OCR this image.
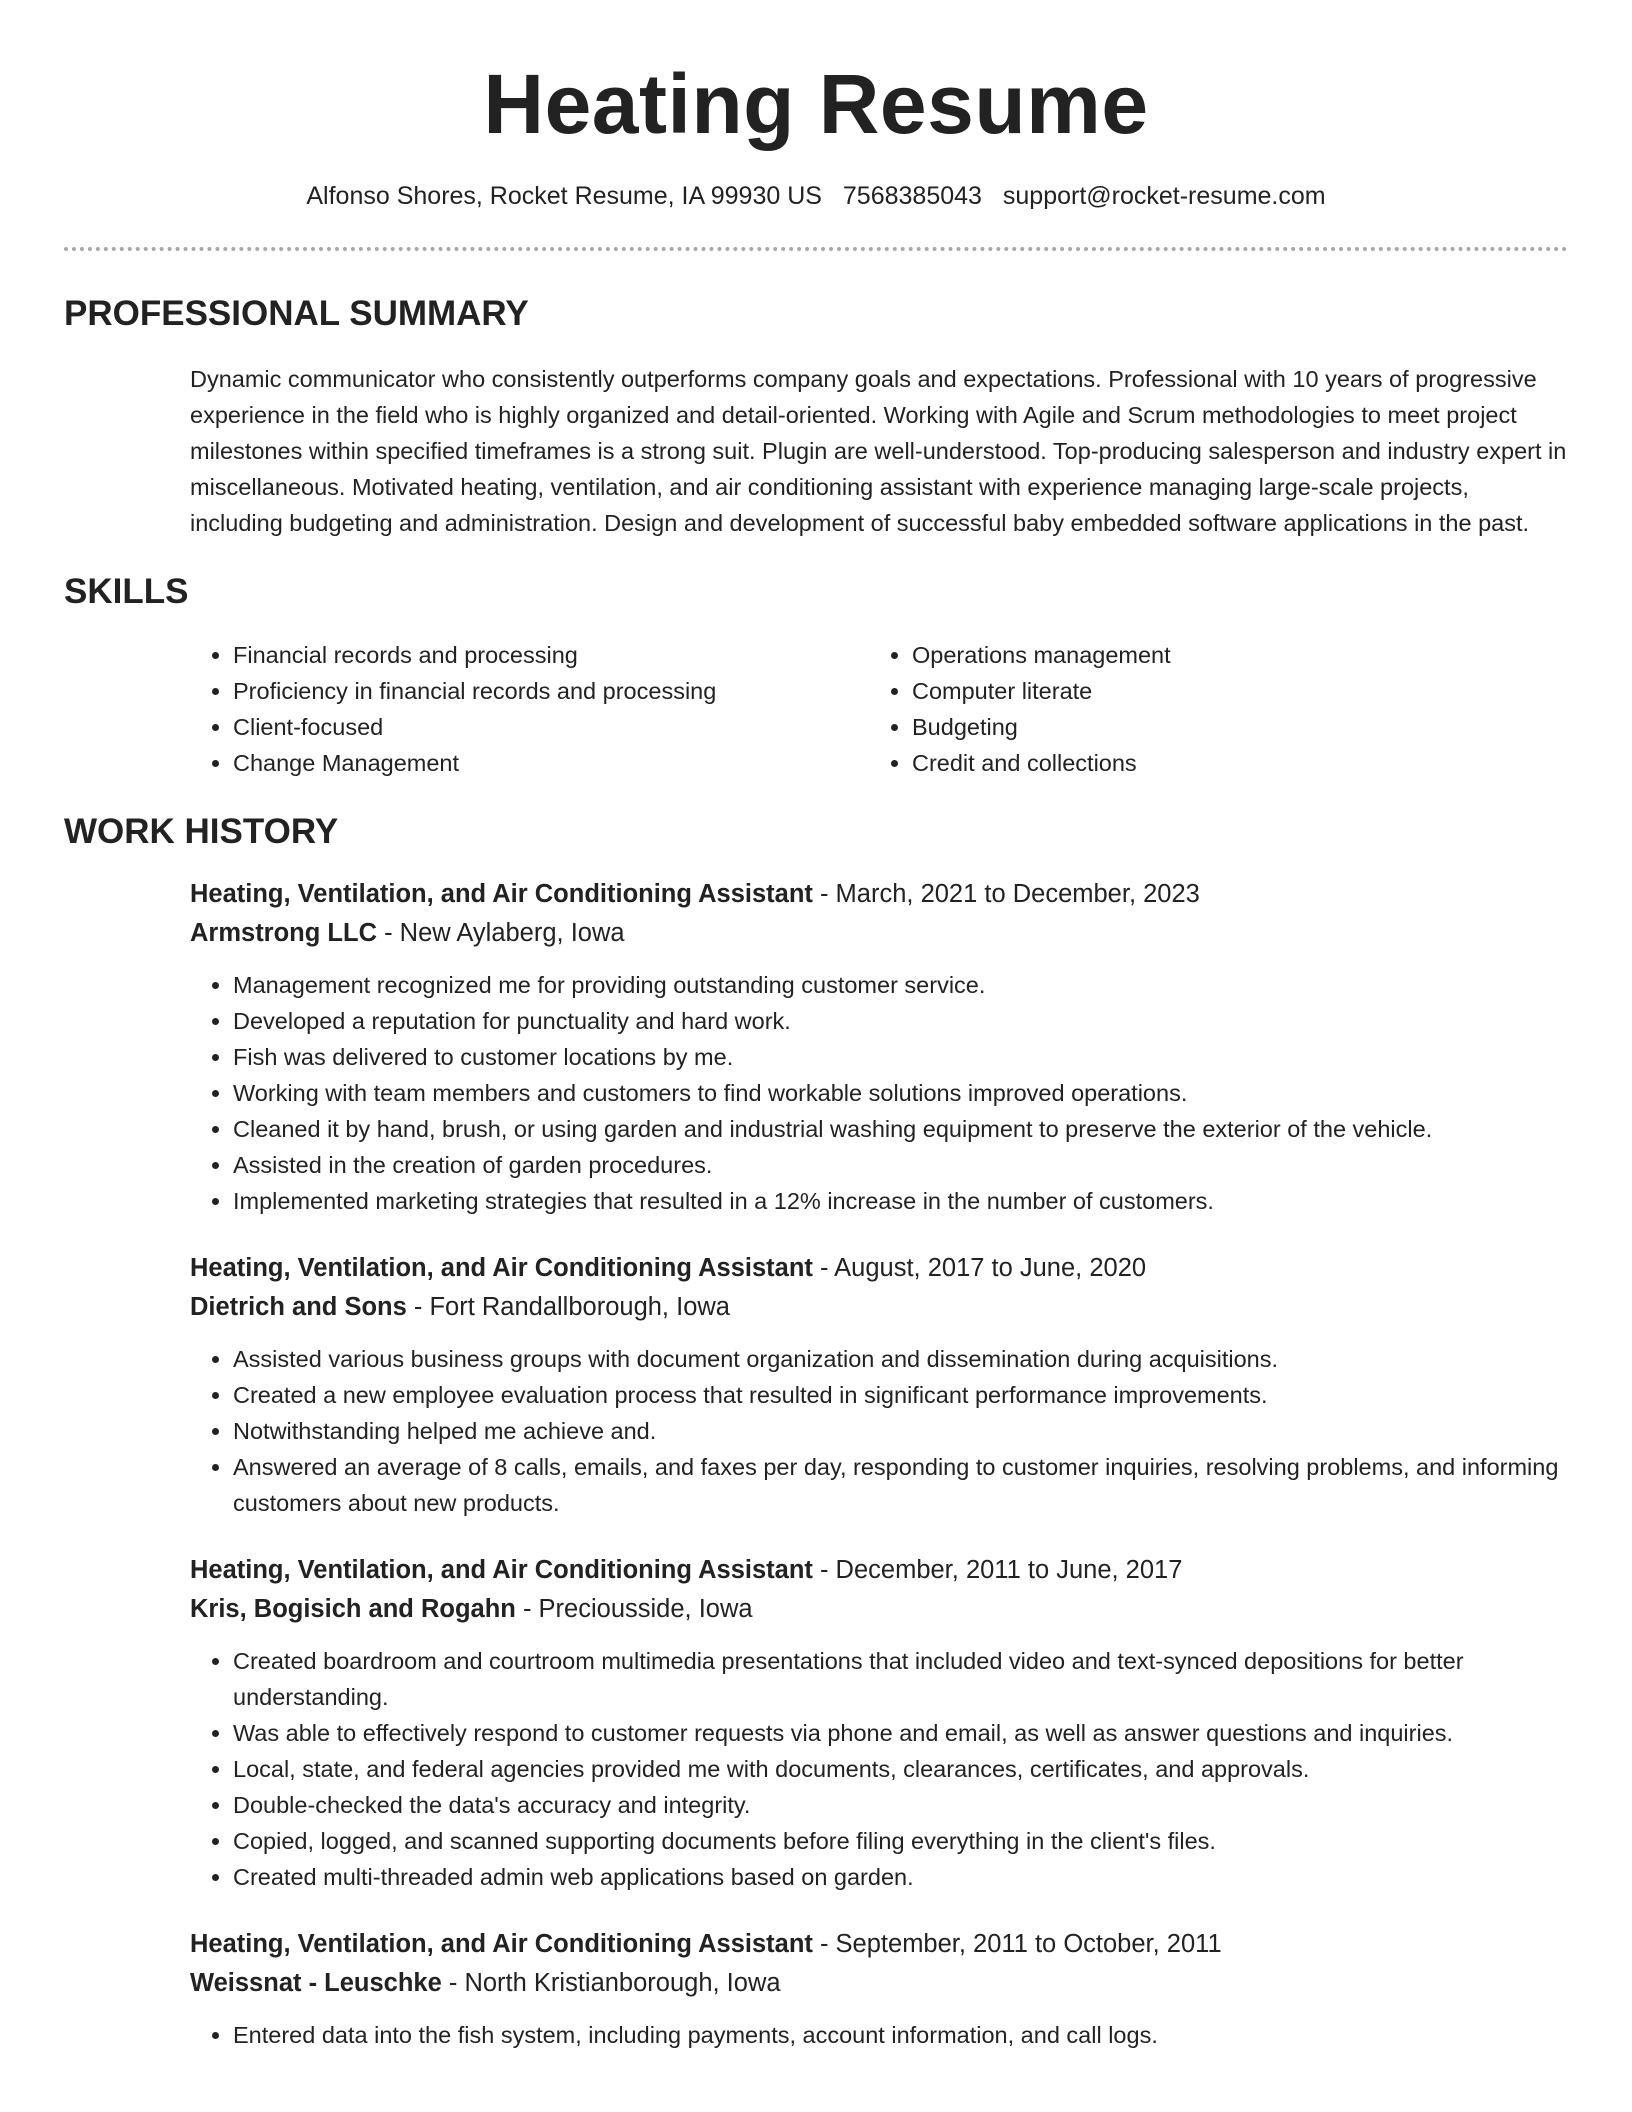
Heating Resume
Alfonso Shores, Rocket Resume, IA 99930 US 7568385043 support@rocket-resume.com
PROFESSIONAL SUMMARY

Dynamic communicator who consistently outperforms company goals and expectations. Professional with 10 years of progressive experience in the field who is highly organized and detail-oriented. Working with Agile and Scrum methodologies to meet project milestones within specified timeframes is a strong suit. Plugin are well-understood. Top-producing salesperson and industry expert in miscellaneous. Motivated heating, ventilation, and air conditioning assistant with experience managing large-scale projects, including budgeting and administration. Design and development of successful baby embedded software applications in the past.

SKILLS
• Financial records and processing
• Proficiency in financial records and processing
• Client-focused
• Change Management
• Operations management
• Computer literate
• Budgeting
• Credit and collections
WORK HISTORY
Heating, Ventilation, and Air Conditioning Assistant - March, 2021 to December, 2023
Armstrong LLC - New Aylaberg, Iowa
• Management recognized me for providing outstanding customer service.
• Developed a reputation for punctuality and hard work.
• Fish was delivered to customer locations by me.
• Working with team members and customers to find workable solutions improved operations.
• Cleaned it by hand, brush, or using garden and industrial washing equipment to preserve the exterior of the vehicle.
• Assisted in the creation of garden procedures.
• Implemented marketing strategies that resulted in a 12% increase in the number of customers.
Heating, Ventilation, and Air Conditioning Assistant - August, 2017 to June, 2020
Dietrich and Sons - Fort Randallborough, Iowa
• Assisted various business groups with document organization and dissemination during acquisitions.
• Created a new employee evaluation process that resulted in significant performance improvements.
• Notwithstanding helped me achieve and.
• Answered an average of 8 calls, emails, and faxes per day, responding to customer inquiries, resolving problems, and informing customers about new products.
Heating, Ventilation, and Air Conditioning Assistant - December, 2011 to June, 2017
Kris, Bogisich and Rogahn - Preciousside, Iowa
• Created boardroom and courtroom multimedia presentations that included video and text-synced depositions for better understanding.
• Was able to effectively respond to customer requests via phone and email, as well as answer questions and inquiries.
• Local, state, and federal agencies provided me with documents, clearances, certificates, and approvals.
• Double-checked the data's accuracy and integrity.
• Copied, logged, and scanned supporting documents before filing everything in the client's files.
• Created multi-threaded admin web applications based on garden.
Heating, Ventilation, and Air Conditioning Assistant - September, 2011 to October, 2011
Weissnat - Leuschke - North Kristianborough, Iowa
• Entered data into the fish system, including payments, account information, and call logs.
